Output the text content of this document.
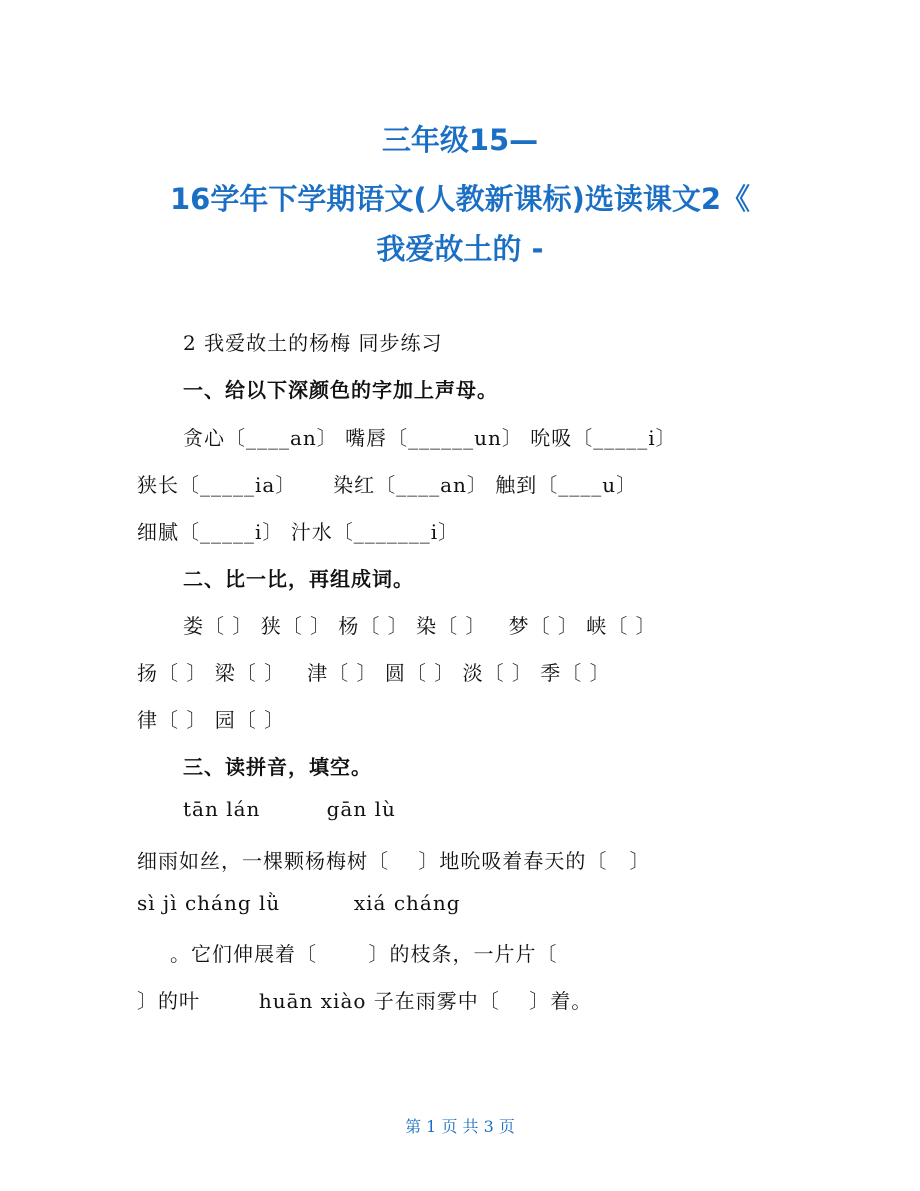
三年级15—
16学年下学期语文(人教新课标)选读课文2《
我爱故土的 -
2 我爱故土的杨梅 同步练习
一、给以下深颜色的字加上声母。
贪心〔____an〕 嘴唇〔______un〕 吮吸〔_____i〕
狭长〔_____ia〕     染红〔____an〕 触到〔____u〕
细腻〔_____i〕 汁水〔_______i〕
二、比一比，再组成词。
娄〔 〕 狭〔 〕 杨〔 〕 染〔 〕   梦〔 〕 峡〔 〕
扬〔 〕 梁〔 〕   津〔 〕 圆〔 〕 淡〔 〕 季〔 〕
律〔 〕 园〔 〕
三、读拼音，填空。
tān lán         gān lù
细雨如丝，一棵颗杨梅树〔    〕地吮吸着春天的〔   〕
sì jì cháng lǜ          xiá cháng
。它们伸展着〔       〕的枝条，一片片〔
〕的叶        huān xiào 子在雨雾中〔    〕着。
第 1 页 共 3 页
